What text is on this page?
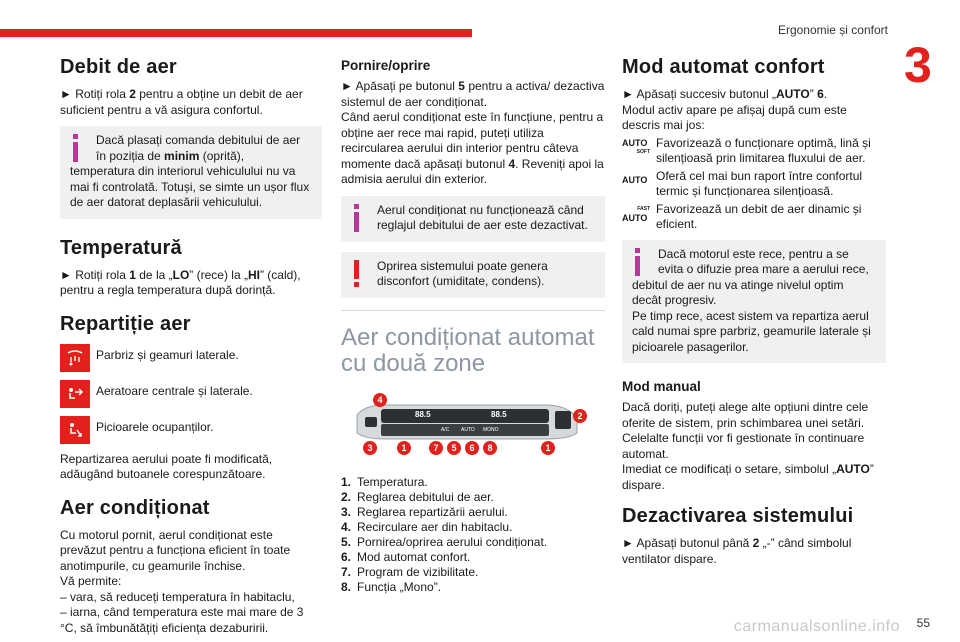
Ergonomie și confort
3
Debit de aer

► Rotiți rola 2 pentru a obține un debit de aer suficient pentru a vă asigura confortul.

Dacă plasați comanda debitului de aer în poziția de minim (oprită), temperatura din interiorul vehiculului nu va mai fi controlată. Totuși, se simte un ușor flux de aer datorat deplasării vehiculului.
Temperatură

► Rotiți rola 1 de la „LO” (rece) la „HI” (cald), pentru a regla temperatura după dorință.

Repartiție aer
Parbriz și geamuri laterale.
Aeratoare centrale și laterale.
Picioarele ocupanților.

Repartizarea aerului poate fi modificată, adăugând butoanele corespunzătoare.

Aer condiționat

Cu motorul pornit, aerul condiționat este prevăzut pentru a funcționa eficient în toate anotimpurile, cu geamurile închise.

Vă permite:

– vara, să reduceți temperatura în habitaclu,

– iarna, când temperatura este mai mare de 3 °C, să îmbunătățiți eficiența dezaburirii.

Pornire/oprire

► Apăsați pe butonul 5 pentru a activa/ dezactiva sistemul de aer condiționat.

Când aerul condiționat este în funcțiune, pentru a obține aer rece mai rapid, puteți utiliza recircularea aerului din interior pentru câteva momente dacă apăsați butonul 4. Reveniți apoi la admisia aerului din exterior.

Aerul condiționat nu funcționează când reglajul debitului de aer este dezactivat.
Oprirea sistemului poate genera disconfort (umiditate, condens).
Aer condiționat automat cu două zone
88.5	88.5
A/C AUTO MONO
4
2
3	1	7	5	6	8	1
1. Temperatura.
2. Reglarea debitului de aer.
3. Reglarea repartizării aerului.
4. Recirculare aer din habitaclu.
5. Pornirea/oprirea aerului condiționat.
6. Mod automat confort.
7. Program de vizibilitate.
8. Funcția „Mono”.
Mod automat confort

► Apăsați succesiv butonul „AUTO” 6.

Modul activ apare pe afișaj după cum este descris mai jos:

AUTO
SOFT
Favorizează o funcționare optimă, lină și silențioasă prin limitarea fluxului de aer.
AUTO Oferă cel mai bun raport între confortul termic și funcționarea silențioasă.
FAST
AUTO
Favorizează un debit de aer dinamic și eficient.
Dacă motorul este rece, pentru a se evita o difuzie prea mare a aerului rece, debitul de aer nu va atinge nivelul optim decât progresiv.
Pe timp rece, acest sistem va repartiza aerul cald numai spre parbriz, geamurile laterale și picioarele pasagerilor.
Mod manual

Dacă doriți, puteți alege alte opțiuni dintre cele oferite de sistem, prin schimbarea unei setări.

Celelalte funcții vor fi gestionate în continuare automat.

Imediat ce modificați o setare, simbolul „AUTO” dispare.

Dezactivarea sistemului

► Apăsați butonul până 2 „-” când simbolul ventilator dispare.

55
carmanualsonline.info
